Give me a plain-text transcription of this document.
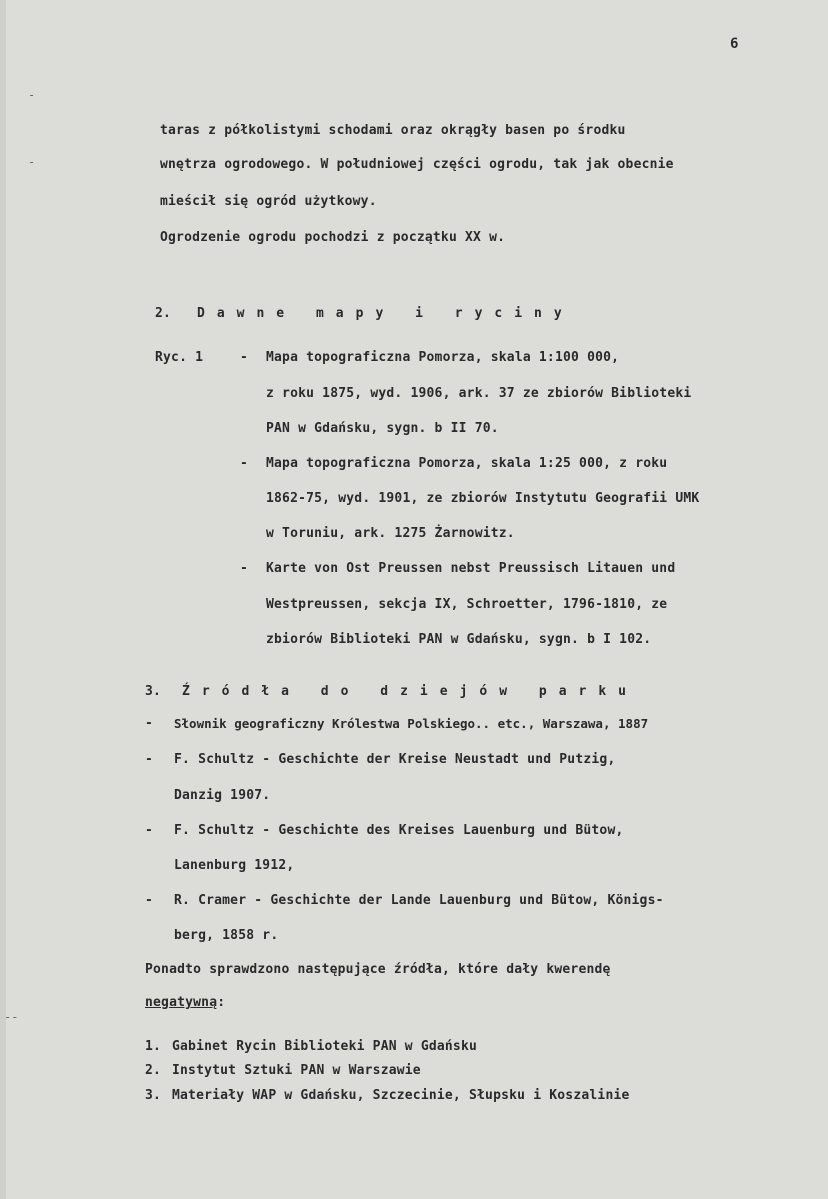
-
-
--
6
taras z półkolistymi schodami oraz okrągły basen po środku
wnętrza ogrodowego. W południowej części ogrodu, tak jak obecnie
mieścił się ogród użytkowy.
Ogrodzenie ogrodu pochodzi z początku XX w.
2. Dawne mapy i ryciny
Ryc. 1	- Mapa topograficzna Pomorza, skala 1:100 000,
z roku 1875, wyd. 1906, ark. 37 ze zbiorów Biblioteki
PAN w Gdańsku, sygn. b II 70.
- Mapa topograficzna Pomorza, skala 1:25 000, z roku
1862-75, wyd. 1901, ze zbiorów Instytutu Geografii UMK
w Toruniu, ark. 1275 Żarnowitz.
- Karte von Ost Preussen nebst Preussisch Litauen und
Westpreussen, sekcja IX, Schroetter, 1796-1810, ze
zbiorów Biblioteki PAN w Gdańsku, sygn. b I 102.
3. Źródła do dziejów parku
- Słownik geograficzny Królestwa Polskiego.. etc., Warszawa, 1887
- F. Schultz - Geschichte der Kreise Neustadt und Putzig,
Danzig 1907.
- F. Schultz - Geschichte des Kreises Lauenburg und Bütow,
Lanenburg 1912,
- R. Cramer - Geschichte der Lande Lauenburg und Bütow, Königs-
berg, 1858 r.
Ponadto sprawdzono następujące źródła, które dały kwerendę
negatywną:
1. Gabinet Rycin Biblioteki PAN w Gdańsku
2. Instytut Sztuki PAN w Warszawie
3. Materiały WAP w Gdańsku, Szczecinie, Słupsku i Koszalinie
